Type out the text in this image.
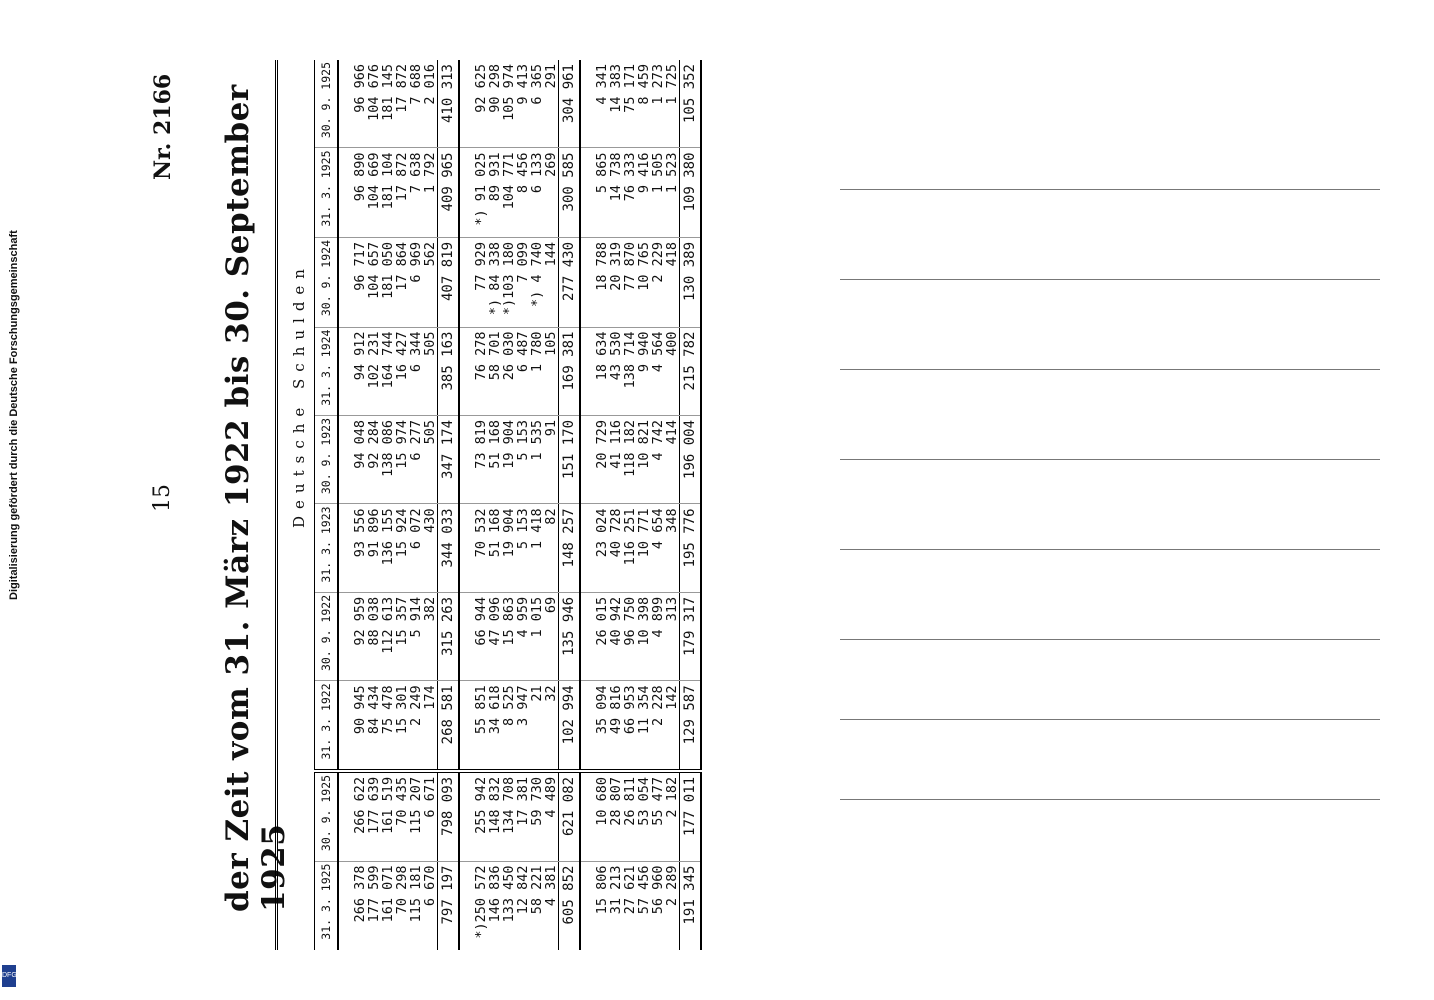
Digitalisierung gefördert durch die Deutsche Forschungsgemeinschaft
DFG
15
Nr. 2166 der Zeit vom 31. März 1922 bis 30. September 1925

Deutsche Schulden									
31. 3. 1925	30. 9. 1925	31. 3. 1922	30. 9. 1922	31. 3. 1923	30. 9. 1923	31. 3. 1924	30. 9. 1924	31. 3. 1925	30. 9. 1925
266 378	266 622	90 945	92 959	93 556	94 048	94 912	96 717	96 890	96 966
177 599	177 639	84 434	88 038	91 896	92 284	102 231	104 657	104 669	104 676
161 071	161 519	75 478	112 613	136 155	138 086	164 744	181 050	181 104	181 145
70 298	70 435	15 301	15 357	15 924	15 974	16 427	17 864	17 872	17 872
115 181	115 207	2 249	5 914	6 072	6 277	6 344	6 969	7 638	7 688
6 670	6 671	174	382	430	505	505	562	1 792	2 016
797 197	798 093	268 581	315 263	344 033	347 174	385 163	407 819	409 965	410 313
*)250 572	255 942	55 851	66 944	70 532	73 819	76 278	77 929	*) 91 025	92 625
146 836	148 832	34 618	47 096	51 168	51 168	58 701	*) 84 338	89 931	90 298
133 450	134 708	8 525	15 863	19 904	19 904	26 030	*)103 180	104 771	105 974
12 842	17 381	3 947	4 959	5 153	5 153	6 487	7 099	8 456	9 413
58 221	59 730	21	1 015	1 418	1 535	1 780	*) 4 740	6 133	6 365
4 381	4 489	32	69	82	91	105	144	269	291
605 852	621 082	102 994	135 946	148 257	151 170	169 381	277 430	300 585	304 961
15 806	10 680	35 094	26 015	23 024	20 729	18 634	18 788	5 865	4 341
31 213	28 807	49 816	40 942	40 728	41 116	43 530	20 319	14 738	14 383
27 621	26 811	66 953	96 750	116 251	118 182	138 714	77 870	76 333	75 171
57 456	53 054	11 354	10 398	10 771	10 821	9 940	10 765	9 416	8 459
56 960	55 477	2 228	4 899	4 654	4 742	4 564	2 229	1 505	1 273
2 289	2 182	142	313	348	414	400	418	1 523	1 725
191 345	177 011	129 587	179 317	195 776	196 004	215 782	130 389	109 380	105 352
